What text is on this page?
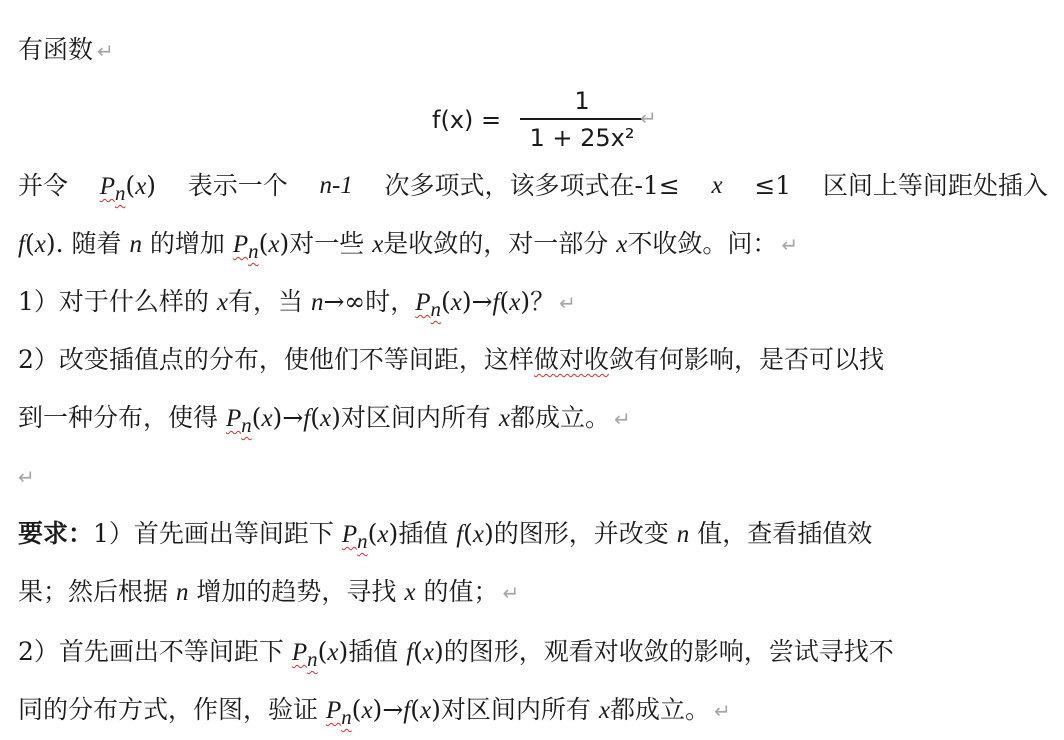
有函数 ↵
f(x) =
1
1 + 25x²
↵
并令 $P_n(x)$ 表示一个 n-1 次多项式，该多项式在-1≤ x ≤1 区间上等间距处插入
f(x). 随着 n 的增加 $P_n(x)$对一些 x是收敛的，对一部分 x不收敛。问： ↵
1）对于什么样的 x有，当 n→∞时，$P_n(x)\to f(x)$？ ↵
2）改变插值点的分布，使他们不等间距，这样做对收敛有何影响，是否可以找
到一种分布，使得 $P_n(x)\to f(x)$对区间内所有 x都成立。 ↵
↵
要求：1）首先画出等间距下 $P_n(x)$插值 f(x)的图形，并改变 n 值，查看插值效
果；然后根据 n 增加的趋势，寻找 x 的值； ↵
2）首先画出不等间距下 $P_n(x)$插值 f(x)的图形，观看对收敛的影响，尝试寻找不
同的分布方式，作图，验证 $P_n(x)\to f(x)$对区间内所有 x都成立。 ↵
